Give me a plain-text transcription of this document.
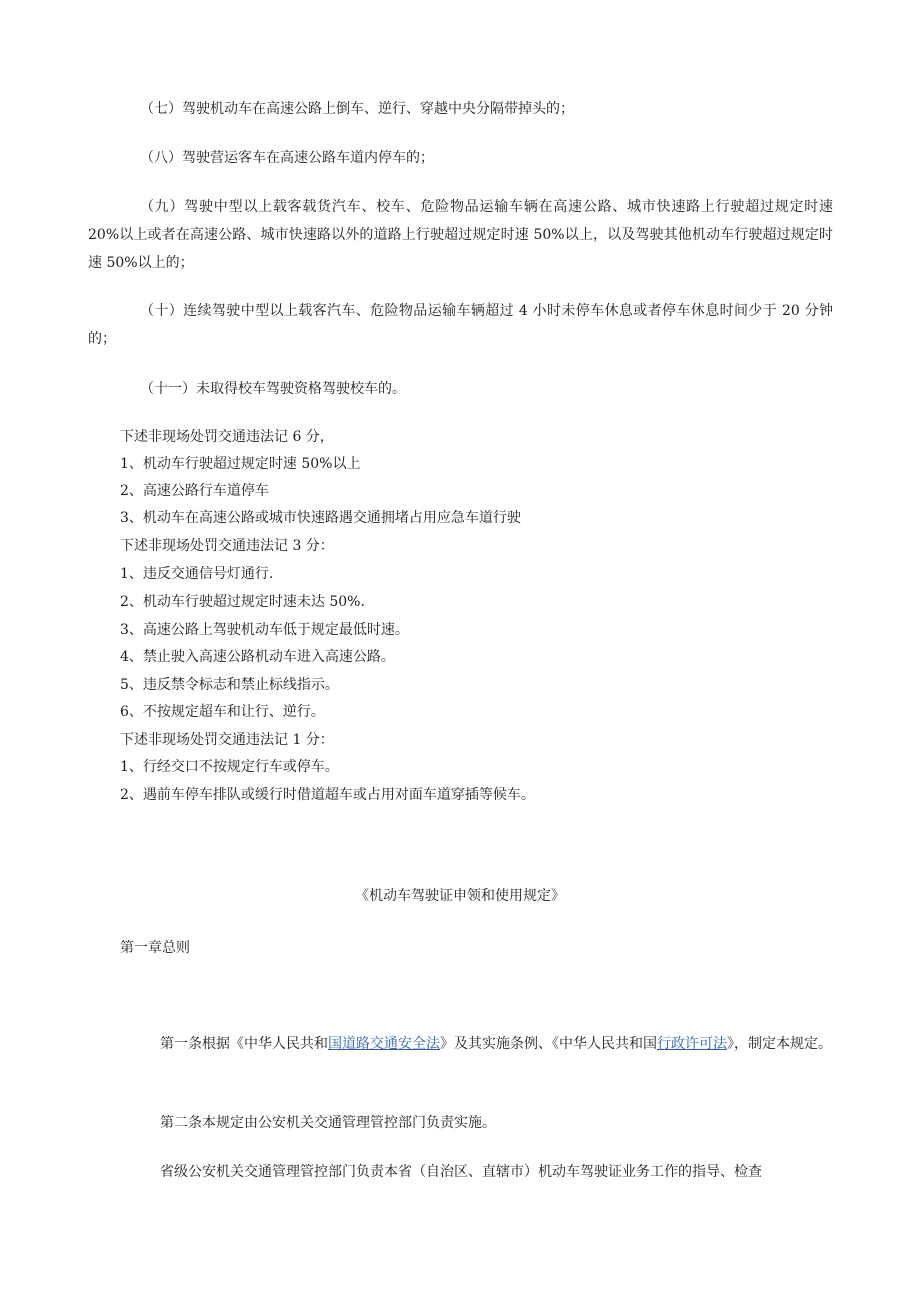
（七）驾驶机动车在高速公路上倒车、逆行、穿越中央分隔带掉头的；

（八）驾驶营运客车在高速公路车道内停车的；

（九）驾驶中型以上载客载货汽车、校车、危险物品运输车辆在高速公路、城市快速路上行驶超过规定时速 20%以上或者在高速公路、城市快速路以外的道路上行驶超过规定时速 50%以上，以及驾驶其他机动车行驶超过规定时速 50%以上的；

（十）连续驾驶中型以上载客汽车、危险物品运输车辆超过 4 小时未停车休息或者停车休息时间少于 20 分钟的；

（十一）未取得校车驾驶资格驾驶校车的。

下述非现场处罚交通违法记 6 分，

1、机动车行驶超过规定时速 50%以上

2、高速公路行车道停车

3、机动车在高速公路或城市快速路遇交通拥堵占用应急车道行驶

下述非现场处罚交通违法记 3 分：

1、违反交通信号灯通行.

2、机动车行驶超过规定时速未达 50%.

3、高速公路上驾驶机动车低于规定最低时速。

4、禁止驶入高速公路机动车进入高速公路。

5、违反禁令标志和禁止标线指示。

6、不按规定超车和让行、逆行。

下述非现场处罚交通违法记 1 分：

1、行经交口不按规定行车或停车。

2、遇前车停车排队或缓行时借道超车或占用对面车道穿插等候车。

《机动车驾驶证申领和使用规定》

第一章总则

第一条根据《中华人民共和国道路交通安全法》及其实施条例、《中华人民共和国行政许可法》，制定本规定。

第二条本规定由公安机关交通管理管控部门负责实施。

省级公安机关交通管理管控部门负责本省（自治区、直辖市）机动车驾驶证业务工作的指导、检查
